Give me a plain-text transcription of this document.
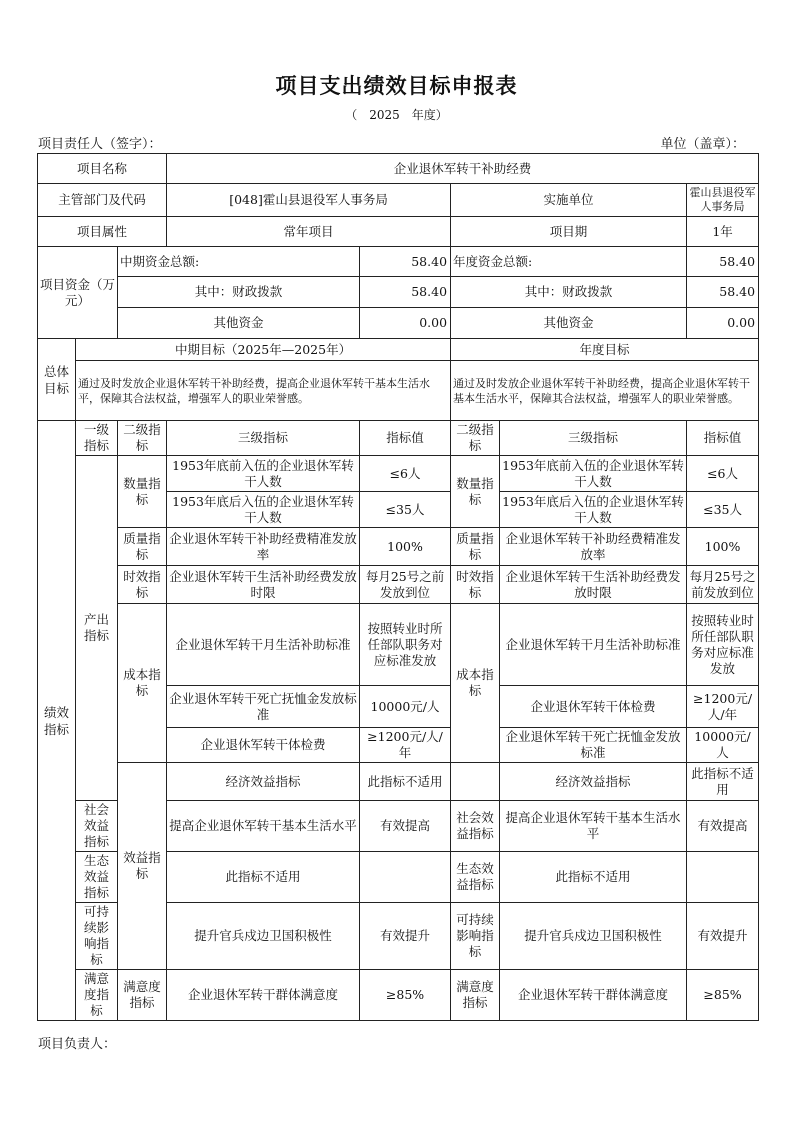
项目支出绩效目标申报表
（ 2025 年度）
项目责任人（签字）：	单位（盖章）：
项目名称			企业退休军转干补助经费					
主管部门及代码			[048]霍山县退役军人事务局		实施单位		霍山县退役军人事务局	
项目属性			常年项目		项目期		1年	
项目资金（万元）		中期资金总额:		58.40	年度资金总额:		58.40	
		其中：财政拨款		58.40	其中：财政拨款		58.40	
		其他资金		0.00	其他资金		0.00	
总体目标	中期目标（2025年—2025年）				年度目标			
	通过及时发放企业退休军转干补助经费，提高企业退休军转干基本生活水平，保障其合法权益，增强军人的职业荣誉感。				通过及时发放企业退休军转干补助经费，提高企业退休军转干基本生活水平，保障其合法权益，增强军人的职业荣誉感。			
绩效指标	一级指标	二级指标	三级指标	指标值	二级指标	三级指标	指标值	
	产出指标	数量指标	1953年底前入伍的企业退休军转干人数	≤6人	数量指标	1953年底前入伍的企业退休军转干人数	≤6人	
			1953年底后入伍的企业退休军转干人数	≤35人		1953年底后入伍的企业退休军转干人数	≤35人	
		质量指标	企业退休军转干补助经费精准发放率	100%	质量指标	企业退休军转干补助经费精准发放率	100%	
		时效指标	企业退休军转干生活补助经费发放时限	每月25号之前发放到位	时效指标	企业退休军转干生活补助经费发放时限	每月25号之前发放到位	
		成本指标	企业退休军转干月生活补助标准	按照转业时所任部队职务对应标准发放	成本指标	企业退休军转干月生活补助标准	按照转业时所任部队职务对应标准发放	
			企业退休军转干死亡抚恤金发放标准	10000元/人		企业退休军转干体检费	≥1200元/人/年	
			企业退休军转干体检费	≥1200元/人/年		企业退休军转干死亡抚恤金发放标准	10000元/人	
		效益指标	经济效益指标	此指标不适用		经济效益指标	此指标不适用	
	社会效益指标		提高企业退休军转干基本生活水平	有效提高	社会效益指标	提高企业退休军转干基本生活水平	有效提高	
	生态效益指标		此指标不适用		生态效益指标	此指标不适用		
	可持续影响指标		提升官兵戍边卫国积极性	有效提升	可持续影响指标	提升官兵戍边卫国积极性	有效提升	
	满意度指标	满意度指标	企业退休军转干群体满意度	≥85%	满意度指标	企业退休军转干群体满意度	≥85%	
项目负责人：
